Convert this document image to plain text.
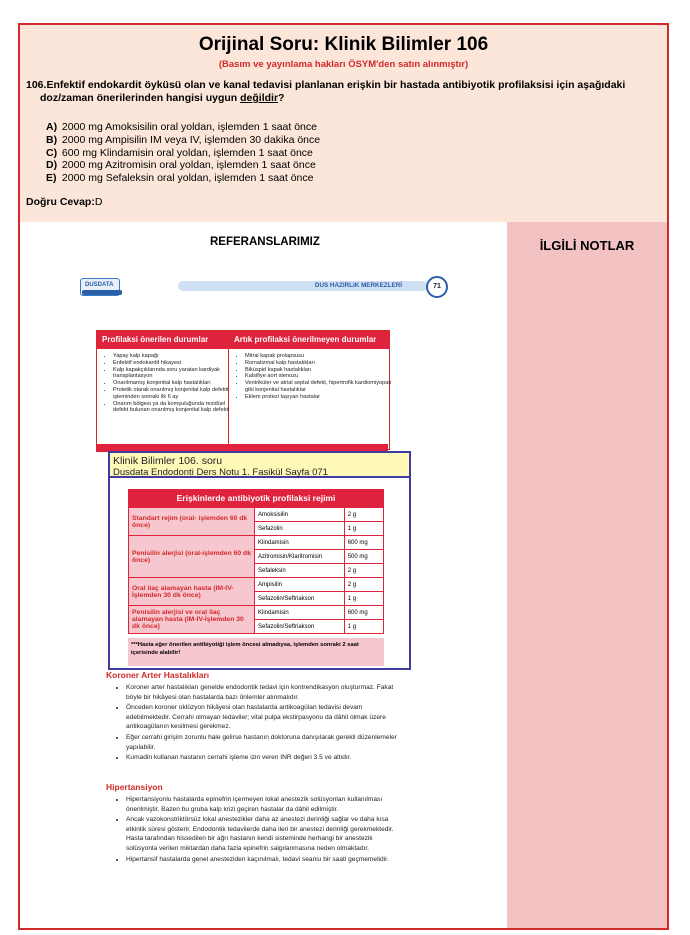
Orijinal Soru: Klinik Bilimler 106
(Basım ve yayınlama hakları ÖSYM'den satın alınmıştır)
106.Enfektif endokardit öyküsü olan ve kanal tedavisi planlanan erişkin bir hastada antibiyotik profilaksisi için aşağıdaki
doz/zaman önerilerinden hangisi uygun değildir?
A) 2000 mg Amoksisilin oral yoldan, işlemden 1 saat önce
B) 2000 mg Ampisilin IM veya IV, işlemden 30 dakika önce
C) 600 mg Klindamisin oral yoldan, işlemden 1 saat önce
D) 2000 mg Azitromisin oral yoldan, işlemden 1 saat önce
E) 2000 mg Sefaleksin oral yoldan, işlemden 1 saat önce
Doğru Cevap:D
REFERANSLARIMIZ	İLGİLİ NOTLAR
DUSDATA	DUS HAZIRLIK MERKEZLERİ	71
Profilaksi önerilen durumlar	Artık profilaksi önerilmeyen durumlar
• Yapay kalp kapağı
• Enfektif endokardit hikayesi
• Kalp kapakçıklarında soru yaratan kardiyak transplantasyon
• Onarılmamış konjenital kalp hastalıkları
• Protetik olarak onarılmış konjenital kalp defekti işleminden sonraki ilk 6 ay
• Onarım bölgesi ya da komşuluğunda rezidüel defekt bulunan onarılmış konjenital kalp defekti
• Mitral kapak prolapsusu
• Romatizmal kalp hastalıkları
• Biküspid kapak hastalıkları
• Kalsifiye aort stenozu
• Ventriküler ve atrial septal defekt, hipertrofik kardiomiyopati gibi konjenital hastalıklar
• Eklem protezi taşıyan hastalar
Klinik Bilimler 106. soru
Dusdata Endodonti Ders Notu 1. Fasikül Sayfa 071
Erişkinlerde antibiyotik profilaksi rejimi
Standart rejim (oral- işlemden 60 dk önce)	Amoksisilin	2 g
	Sefazolin	1 g
Penisilin alerjisi (oral-işlemden 60 dk önce)	Klindamisin	600 mg
	Azitromisin/Klaritromisin	500 mg
	Sefaleksin	2 g
Oral ilaç alamayan hasta (IM-IV-İşlemden 30 dk önce)	Ampisilin	2 g
	Sefazolin/Seftriakson	1 g
Penisilin alerjisi ve oral ilaç alamayan hasta (IM-IV-İşlemden 30 dk önce)	Klindamisin	600 mg
	Sefazolin/Seftriakson	1 g
***Hasta eğer önerilen antibiyotiği işlem öncesi almadıysa, işlemden sonraki 2 saat içerisinde alabilir!
Koroner Arter Hastalıkları
• Koroner arter hastalıkları genelde endodontik tedavi için kontrendikasyon oluşturmaz. Fakat böyle bir hikâyesi olan hastalarda bazı önlemler alınmalıdır.
• Önceden koroner oklüzyon hikâyesi olan hastalarda antikoagülan tedavisi devam edebilmektedir. Cerrahi olmayan tedaviler; vital pulpa ekstirpasyonu da dâhil olmak üzere antikoagülanın kesilmesi gerekmez.
• Eğer cerrahi girişim zorunlu hale gelirse hastanın doktoruna danışılarak gerekli düzenlemeler yapılabilir.
• Kumadin kullanan hastanın cerrahi işleme izin veren INR değeri 3.5 ve altıdır.
Hipertansiyon
• Hipertansiyonlu hastalarda epinefrin içermeyen lokal anestezik solüsyonları kullanılması önerilmiştir. Bazen bu gruba kalp krizi geçiren hastalar da dâhil edilmiştir.
• Ancak vazokonstriktörsüz lokal anestezikler daha az anestezi derinliği sağlar ve daha kısa etkinlik süresi gösterir. Endodontik tedavilerde daha ileri bir anestezi derinliği gerekmektedir. Hasta tarafından hissedilen bir ağrı hastanın kendi sisteminde herhangi bir anestezik solüsyonla verilen miktardan daha fazla epinefrin salgılanmasına neden olmaktadır.
• Hipertansif hastalarda genel anesteziden kaçınılmalı, tedavi seansı bir saati geçmemelidir.
